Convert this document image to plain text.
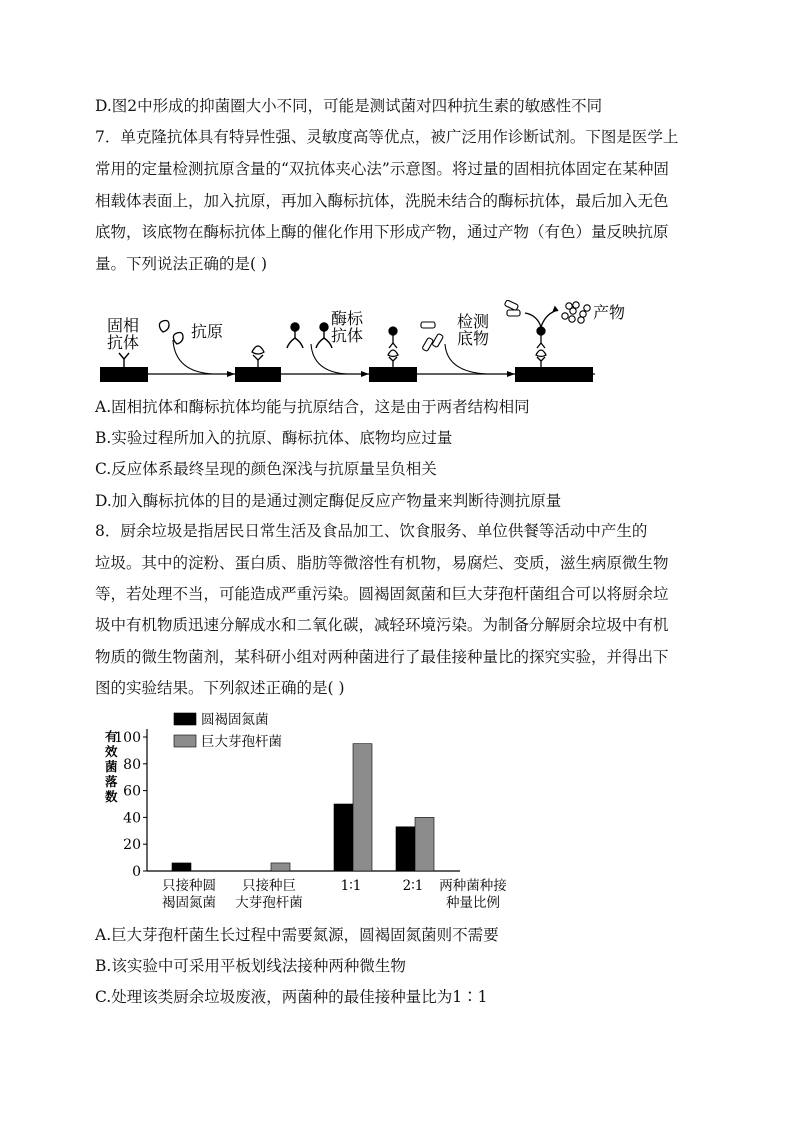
D.图2中形成的抑菌圈大小不同，可能是测试菌对四种抗生素的敏感性不同
7．单克隆抗体具有特异性强、灵敏度高等优点，被广泛用作诊断试剂。下图是医学上
常用的定量检测抗原含量的“双抗体夹心法”示意图。将过量的固相抗体固定在某种固
相载体表面上，加入抗原，再加入酶标抗体，洗脱未结合的酶标抗体，最后加入无色
底物，该底物在酶标抗体上酶的催化作用下形成产物，通过产物（有色）量反映抗原
量。下列说法正确的是( )
固相
抗体
抗原
酶标
抗体
检测
底物
产物
A.固相抗体和酶标抗体均能与抗原结合，这是由于两者结构相同
B.实验过程所加入的抗原、酶标抗体、底物均应过量
C.反应体系最终呈现的颜色深浅与抗原量呈负相关
D.加入酶标抗体的目的是通过测定酶促反应产物量来判断待测抗原量
8．厨余垃圾是指居民日常生活及食品加工、饮食服务、单位供餐等活动中产生的
垃圾。其中的淀粉、蛋白质、脂肪等微溶性有机物，易腐烂、变质，滋生病原微生物
等，若处理不当，可能造成严重污染。圆褐固氮菌和巨大芽孢杆菌组合可以将厨余垃
圾中有机物质迅速分解成水和二氧化碳，减轻环境污染。为制备分解厨余垃圾中有机
物质的微生物菌剂，某科研小组对两种菌进行了最佳接种量比的探究实验，并得出下
图的实验结果。下列叙述正确的是( )
0
20
40
60
80
100
有效菌落数
只接种圆
褐固氮菌
只接种巨
大芽孢杆菌
1∶1	2∶1 两种菌种接
种量比例
圆褐固氮菌
巨大芽孢杆菌
A.巨大芽孢杆菌生长过程中需要氮源，圆褐固氮菌则不需要
B.该实验中可采用平板划线法接种两种微生物
C.处理该类厨余垃圾废液，两菌种的最佳接种量比为1∶1
